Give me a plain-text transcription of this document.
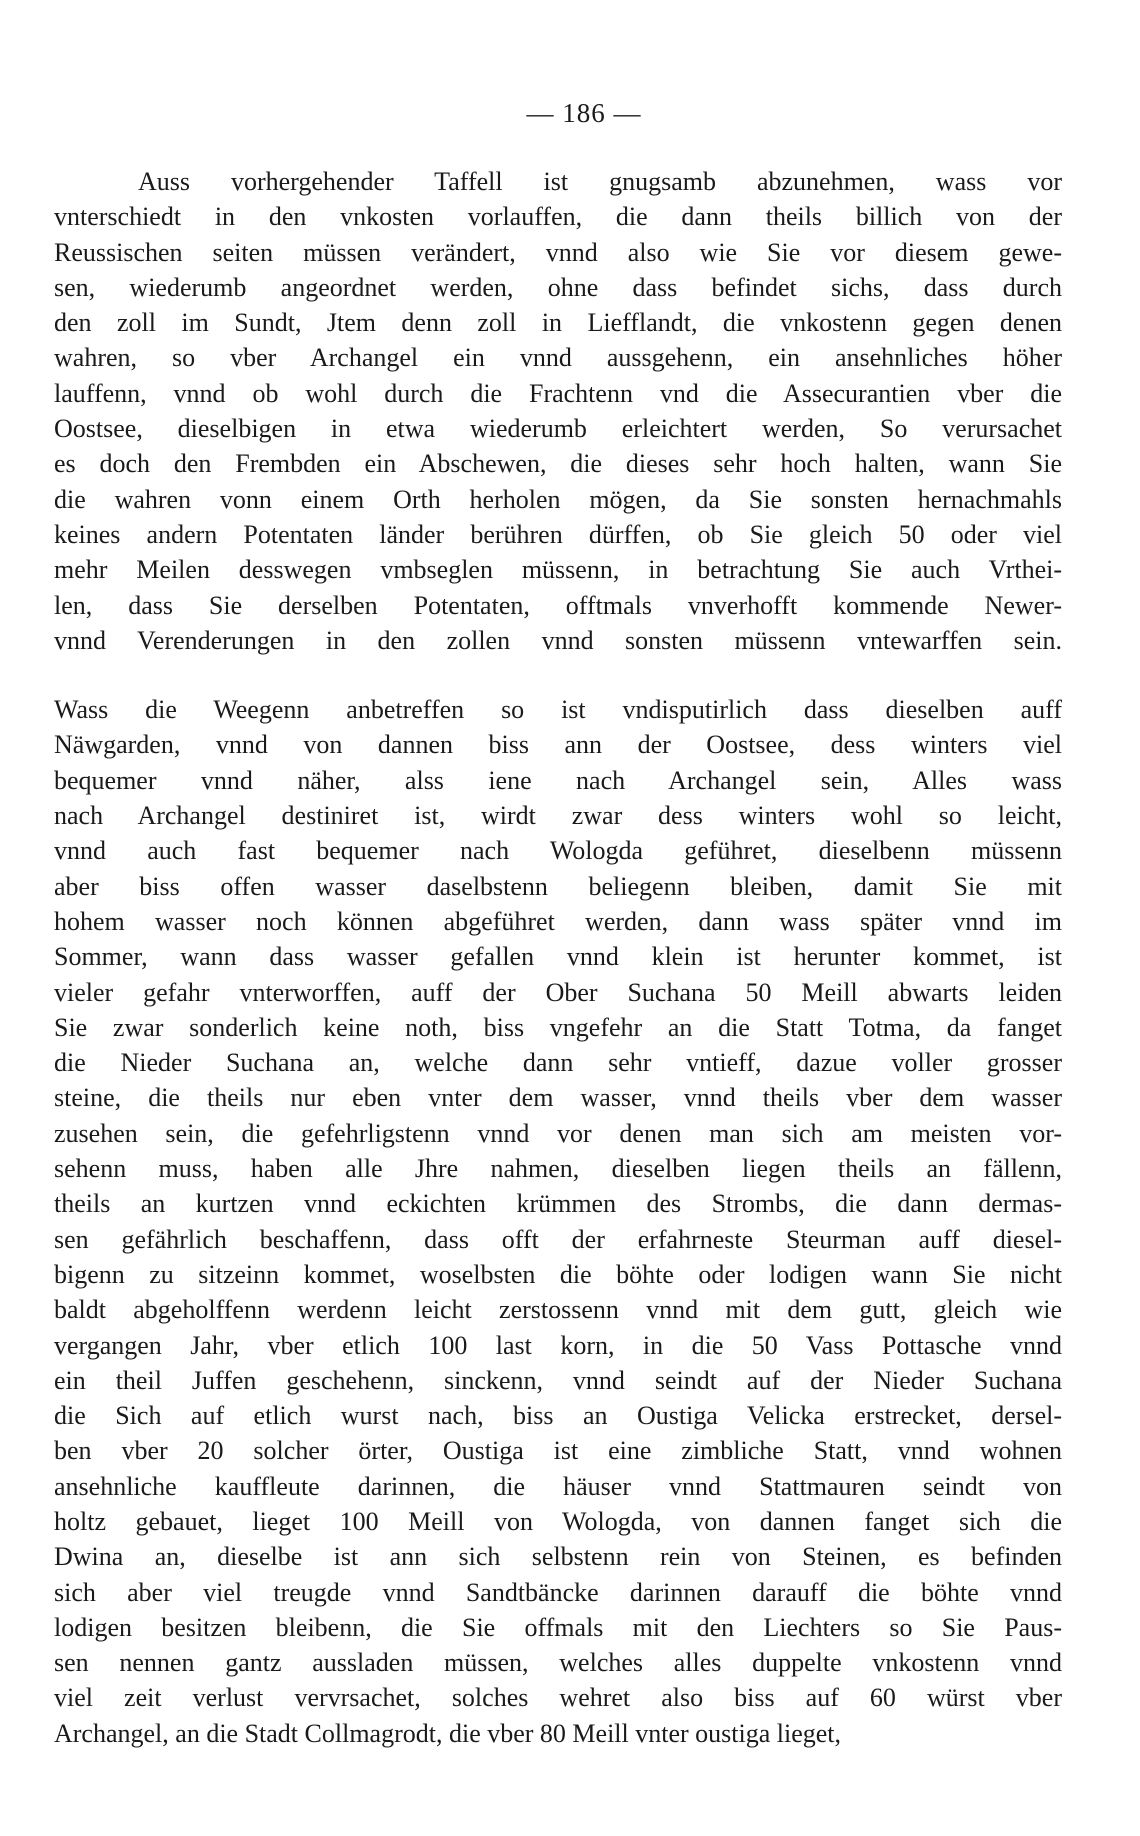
— 186 —
Auss vorhergehender Taffell ist gnugsamb abzunehmen, wass vor
vnterschiedt in den vnkosten vorlauffen, die dann theils billich von der
Reussischen seiten müssen verändert, vnnd also wie Sie vor diesem gewe-
sen, wiederumb angeordnet werden, ohne dass befindet sichs, dass durch
den zoll im Sundt, Jtem denn zoll in Liefflandt, die vnkostenn gegen denen
wahren, so vber Archangel ein vnnd aussgehenn, ein ansehnliches höher
lauffenn, vnnd ob wohl durch die Frachtenn vnd die Assecurantien vber die
Oostsee, dieselbigen in etwa wiederumb erleichtert werden, So verursachet
es doch den Frembden ein Abschewen, die dieses sehr hoch halten, wann Sie
die wahren vonn einem Orth herholen mögen, da Sie sonsten hernachmahls
keines andern Potentaten länder berühren dürffen, ob Sie gleich 50 oder viel
mehr Meilen desswegen vmbseglen müssenn, in betrachtung Sie auch Vrthei-
len, dass Sie derselben Potentaten, offtmals vnverhofft kommende Newer-
vnnd Verenderungen in den zollen vnnd sonsten müssenn vntewarffen sein.
Wass die Weegenn anbetreffen so ist vndisputirlich dass dieselben auff
Näwgarden, vnnd von dannen biss ann der Oostsee, dess winters viel
bequemer vnnd näher, alss iene nach Archangel sein, Alles wass
nach Archangel destiniret ist, wirdt zwar dess winters wohl so leicht,
vnnd auch fast bequemer nach Wologda geführet, dieselbenn müssenn
aber biss offen wasser daselbstenn beliegenn bleiben, damit Sie mit
hohem wasser noch können abgeführet werden, dann wass später vnnd im
Sommer, wann dass wasser gefallen vnnd klein ist herunter kommet, ist
vieler gefahr vnterworffen, auff der Ober Suchana 50 Meill abwarts leiden
Sie zwar sonderlich keine noth, biss vngefehr an die Statt Totma, da fanget
die Nieder Suchana an, welche dann sehr vntieff, dazue voller grosser
steine, die theils nur eben vnter dem wasser, vnnd theils vber dem wasser
zusehen sein, die gefehrligstenn vnnd vor denen man sich am meisten vor-
sehenn muss, haben alle Jhre nahmen, dieselben liegen theils an fällenn,
theils an kurtzen vnnd eckichten krümmen des Strombs, die dann dermas-
sen gefährlich beschaffenn, dass offt der erfahrneste Steurman auff diesel-
bigenn zu sitzeinn kommet, woselbsten die böhte oder lodigen wann Sie nicht
baldt abgeholffenn werdenn leicht zerstossenn vnnd mit dem gutt, gleich wie
vergangen Jahr, vber etlich 100 last korn, in die 50 Vass Pottasche vnnd
ein theil Juffen geschehenn, sinckenn, vnnd seindt auf der Nieder Suchana
die Sich auf etlich wurst nach, biss an Oustiga Velicka erstrecket, dersel-
ben vber 20 solcher örter, Oustiga ist eine zimbliche Statt, vnnd wohnen
ansehnliche kauffleute darinnen, die häuser vnnd Stattmauren seindt von
holtz gebauet, lieget 100 Meill von Wologda, von dannen fanget sich die
Dwina an, dieselbe ist ann sich selbstenn rein von Steinen, es befinden
sich aber viel treugde vnnd Sandtbäncke darinnen darauff die böhte vnnd
lodigen besitzen bleibenn, die Sie offmals mit den Liechters so Sie Paus-
sen nennen gantz aussladen müssen, welches alles duppelte vnkostenn vnnd
viel zeit verlust vervrsachet, solches wehret also biss auf 60 würst vber
Archangel, an die Stadt Collmagrodt, die vber 80 Meill vnter oustiga lieget,
